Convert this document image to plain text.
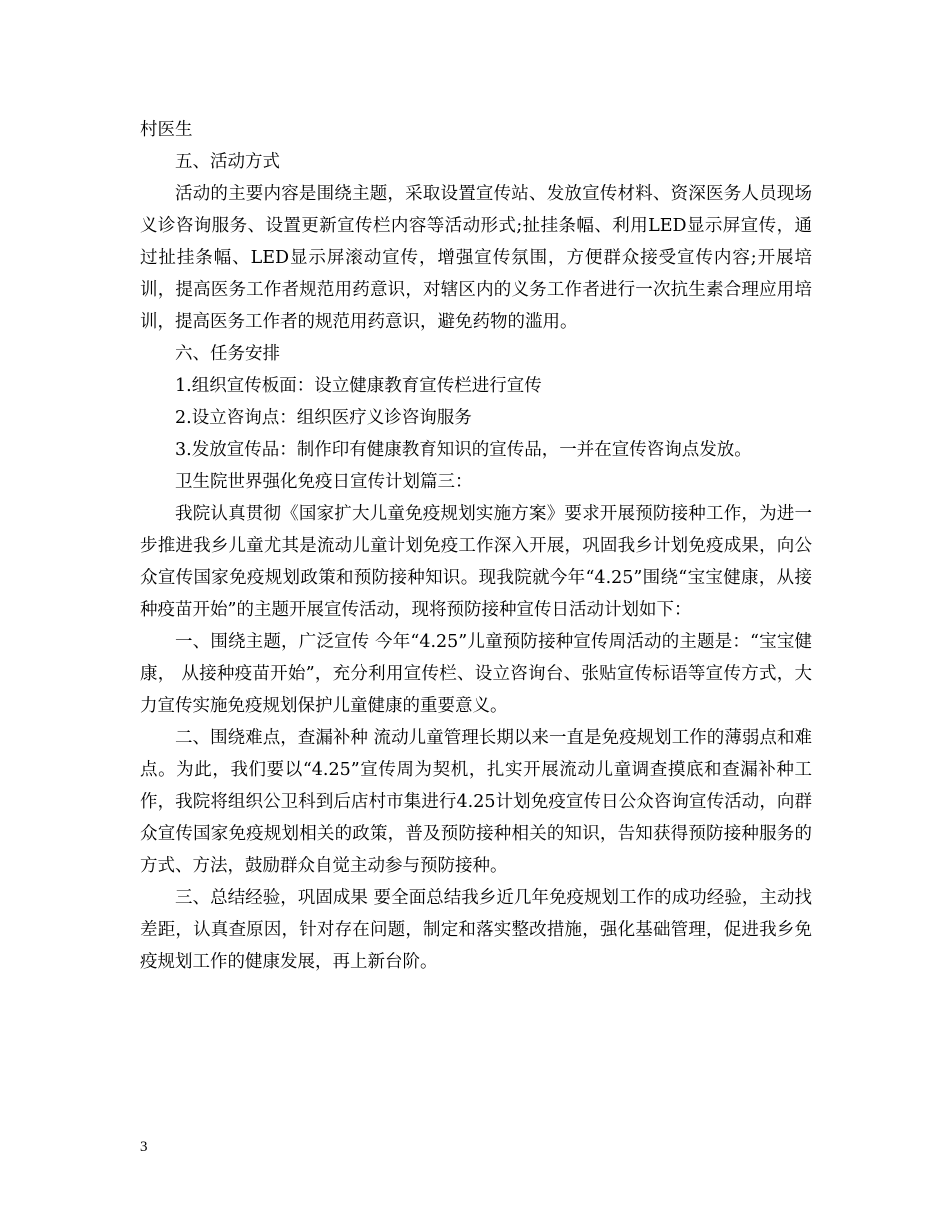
村医生

五、活动方式

活动的主要内容是围绕主题，采取设置宣传站、发放宣传材料、资深医务人员现场义诊咨询服务、设置更新宣传栏内容等活动形式;扯挂条幅、利用LED显示屏宣传，通过扯挂条幅、LED显示屏滚动宣传，增强宣传氛围，方便群众接受宣传内容;开展培训，提高医务工作者规范用药意识，对辖区内的义务工作者进行一次抗生素合理应用培训，提高医务工作者的规范用药意识，避免药物的滥用。

六、任务安排

1.组织宣传板面：设立健康教育宣传栏进行宣传

2.设立咨询点：组织医疗义诊咨询服务

3.发放宣传品：制作印有健康教育知识的宣传品，一并在宣传咨询点发放。

卫生院世界强化免疫日宣传计划篇三：

我院认真贯彻《国家扩大儿童免疫规划实施方案》要求开展预防接种工作，为进一步推进我乡儿童尤其是流动儿童计划免疫工作深入开展，巩固我乡计划免疫成果，向公众宣传国家免疫规划政策和预防接种知识。现我院就今年“4.25”围绕“宝宝健康，从接种疫苗开始”的主题开展宣传活动，现将预防接种宣传日活动计划如下：

一、围绕主题，广泛宣传 今年“4.25”儿童预防接种宣传周活动的主题是：“宝宝健康， 从接种疫苗开始”，充分利用宣传栏、设立咨询台、张贴宣传标语等宣传方式，大力宣传实施免疫规划保护儿童健康的重要意义。

二、围绕难点，查漏补种 流动儿童管理长期以来一直是免疫规划工作的薄弱点和难点。为此，我们要以“4.25”宣传周为契机，扎实开展流动儿童调查摸底和查漏补种工作，我院将组织公卫科到后店村市集进行4.25计划免疫宣传日公众咨询宣传活动，向群众宣传国家免疫规划相关的政策，普及预防接种相关的知识，告知获得预防接种服务的方式、方法，鼓励群众自觉主动参与预防接种。

三、总结经验，巩固成果 要全面总结我乡近几年免疫规划工作的成功经验，主动找差距，认真查原因，针对存在问题，制定和落实整改措施，强化基础管理，促进我乡免疫规划工作的健康发展，再上新台阶。

3
